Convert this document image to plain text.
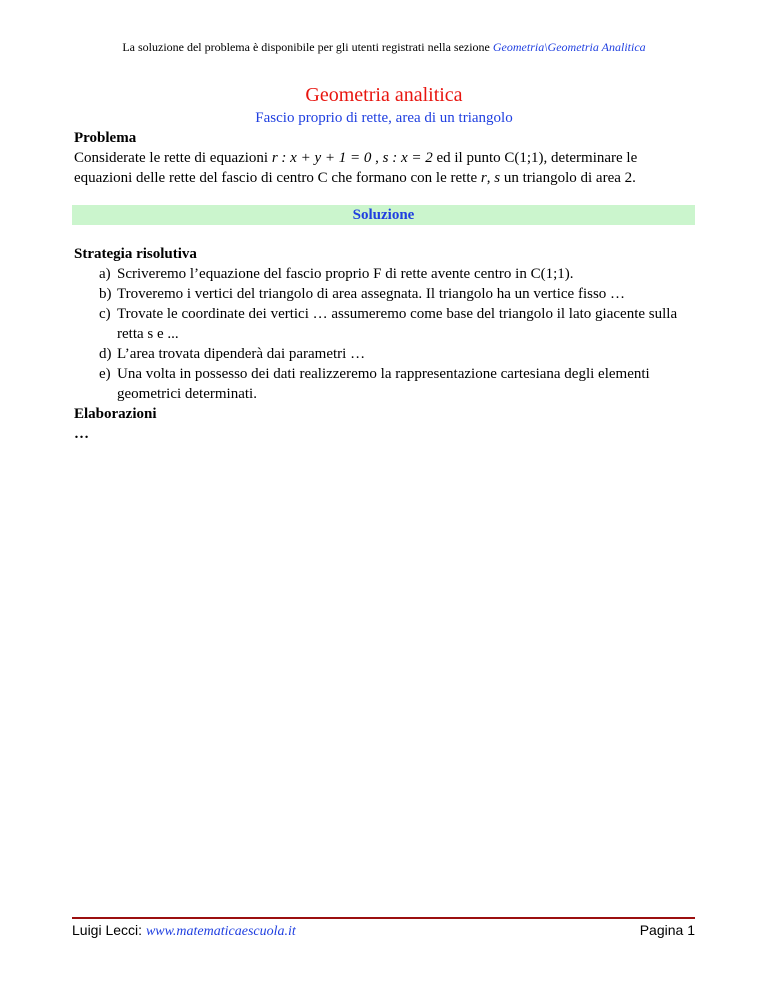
La soluzione del problema è disponibile per gli utenti registrati nella sezione Geometria\Geometria Analitica
Geometria analitica
Fascio proprio di rette, area di un triangolo
Problema
Considerate le rette di equazioni r : x + y + 1 = 0 , s : x = 2 ed il punto C(1;1), determinare le
equazioni delle rette del fascio di centro C che formano con le rette r, s un triangolo di area 2.
Soluzione
Strategia risolutiva
a) Scriveremo l’equazione del fascio proprio F di rette avente centro in C(1;1).
b) Troveremo i vertici del triangolo di area assegnata. Il triangolo ha un vertice fisso …
c) Trovate le coordinate dei vertici … assumeremo come base del triangolo il lato giacente sulla retta s e ...
d) L’area trovata dipenderà dai parametri …
e) Una volta in possesso dei dati realizzeremo la rappresentazione cartesiana degli elementi geometrici determinati.
Elaborazioni
…
Luigi Lecci: www.matematicaescuola.it	Pagina 1
